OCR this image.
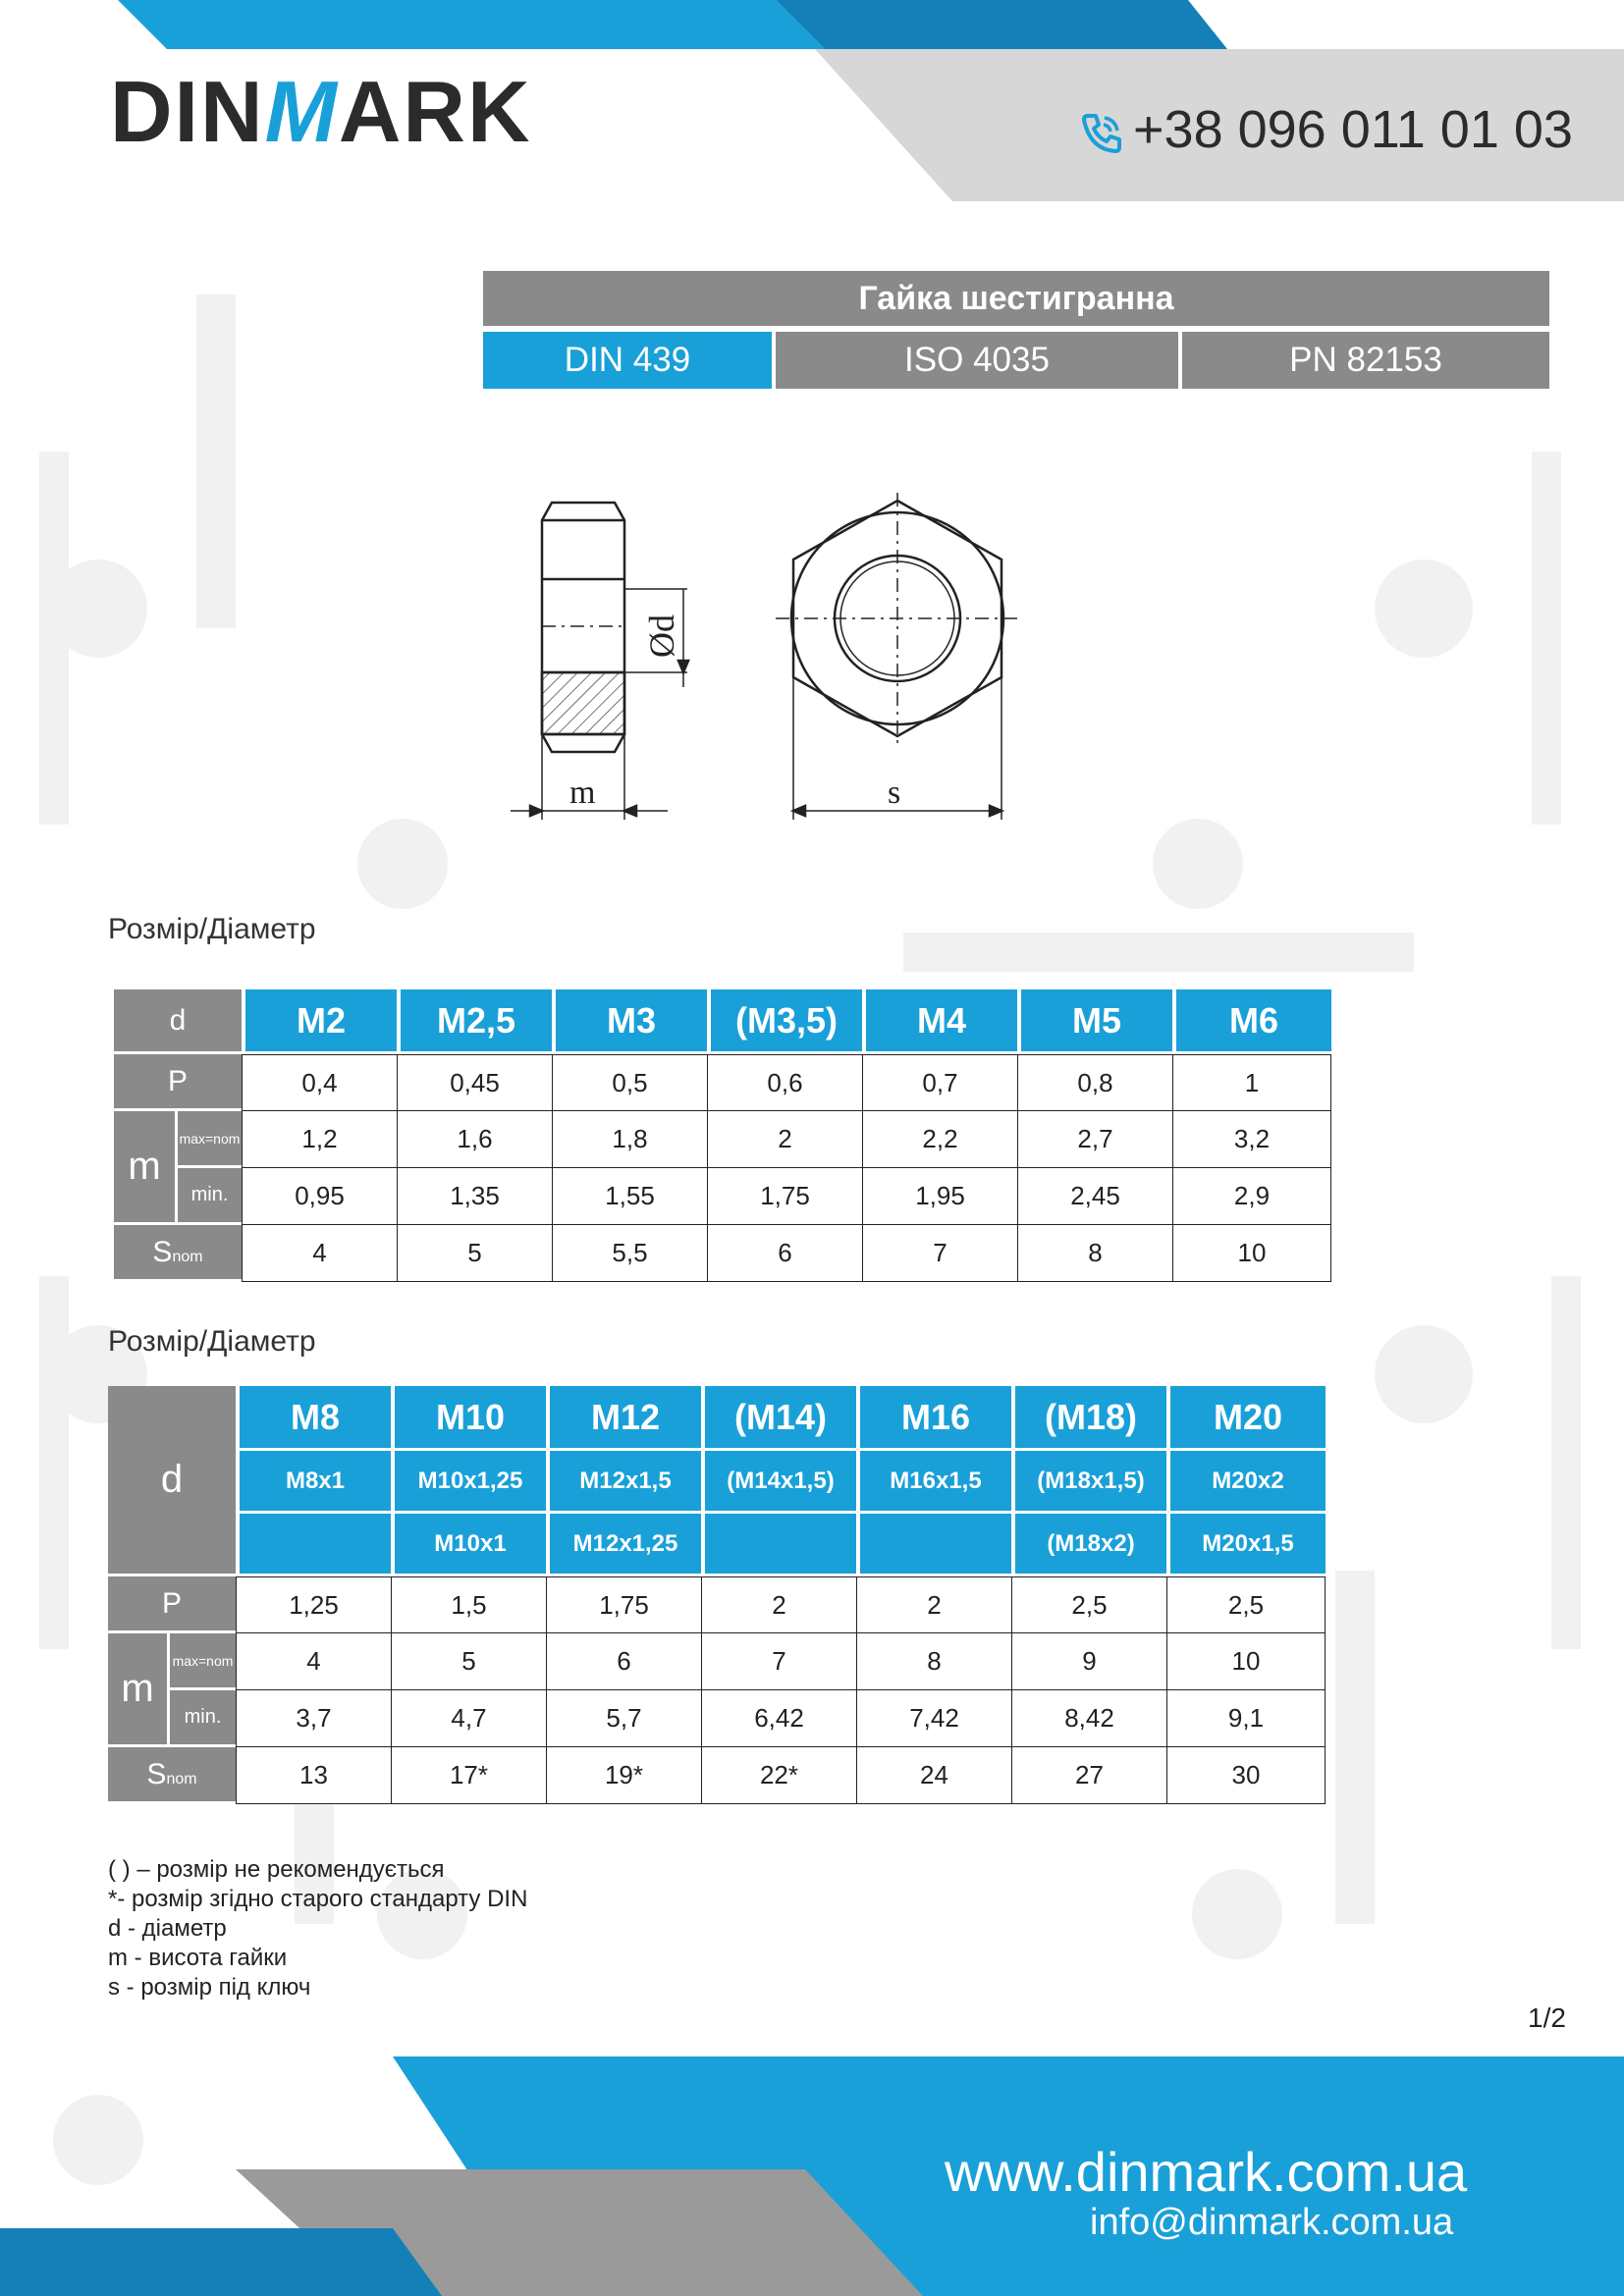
DINMARK	+38 096 011 01 03
Гайка шестигранна
DIN 439	ISO 4035	PN 82153
Ød
m	s
Розмір/Діаметр
d		M2	M2,5	M3	(M3,5)	M4	M5	M6
P		0,4	0,45	0,5	0,6	0,7	0,8	1
m	max=nom	1,2	1,6	1,8	2	2,2	2,7	3,2
	min.	0,95	1,35	1,55	1,75	1,95	2,45	2,9
Snom		4	5	5,5	6	7	8	10
Розмір/Діаметр
d		M8	M10	M12	(M14)	M16	(M18)	M20
		M8x1	M10x1,25	M12x1,5	(M14x1,5)	M16x1,5	(M18x1,5)	M20x2
			M10x1	M12x1,25			(M18x2)	M20x1,5
P		1,25	1,5	1,75	2	2	2,5	2,5
m	max=nom	4	5	6	7	8	9	10
	min.	3,7	4,7	5,7	6,42	7,42	8,42	9,1
Snom		13	17*	19*	22*	24	27	30
( ) – розмір не рекомендується
*- розмір згідно старого стандарту DIN
d - діаметр
m - висота гайки
s - розмір під ключ
1/2
www.dinmark.com.ua
info@dinmark.com.ua
